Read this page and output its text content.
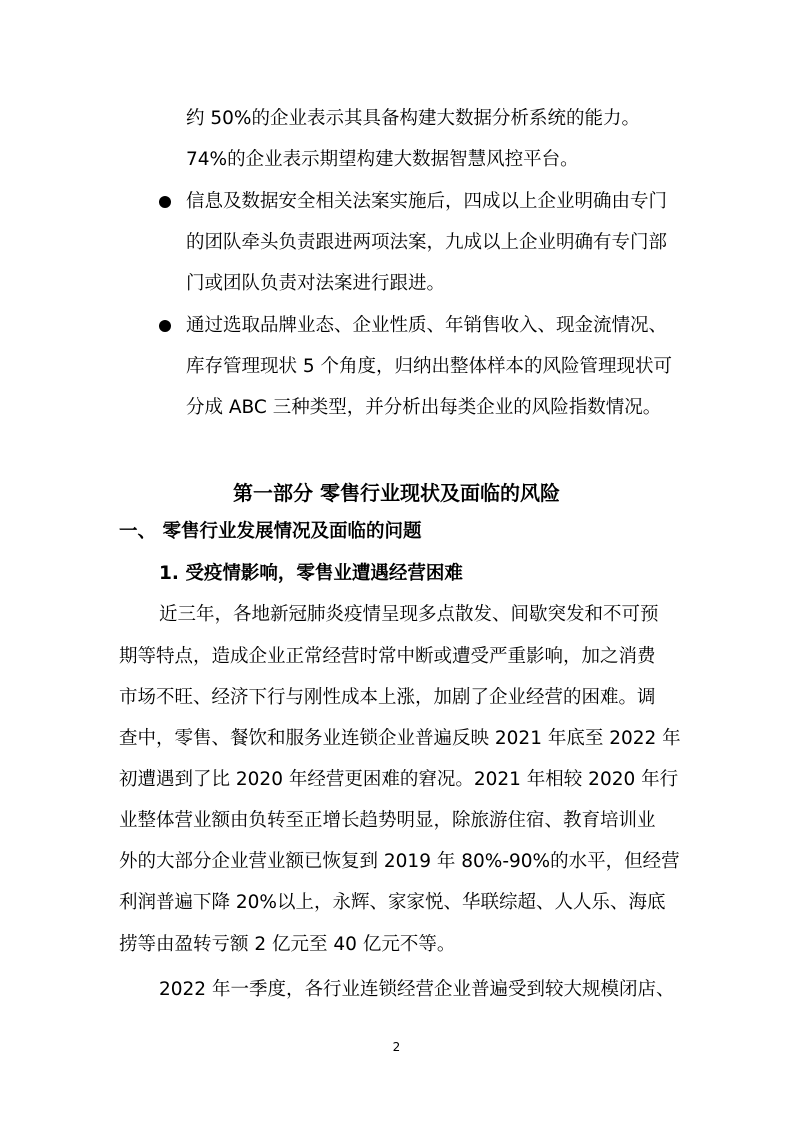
约 50%的企业表示其具备构建大数据分析系统的能力。
74%的企业表示期望构建大数据智慧风控平台。
信息及数据安全相关法案实施后，四成以上企业明确由专门
的团队牵头负责跟进两项法案，九成以上企业明确有专门部
门或团队负责对法案进行跟进。
通过选取品牌业态、企业性质、年销售收入、现金流情况、
库存管理现状 5 个角度，归纳出整体样本的风险管理现状可
分成 ABC 三种类型，并分析出每类企业的风险指数情况。
第一部分 零售行业现状及面临的风险
一、 零售行业发展情况及面临的问题
1. 受疫情影响，零售业遭遇经营困难
近三年，各地新冠肺炎疫情呈现多点散发、间歇突发和不可预
期等特点，造成企业正常经营时常中断或遭受严重影响，加之消费
市场不旺、经济下行与刚性成本上涨，加剧了企业经营的困难。调
查中，零售、餐饮和服务业连锁企业普遍反映 2021 年底至 2022 年
初遭遇到了比 2020 年经营更困难的窘况。2021 年相较 2020 年行
业整体营业额由负转至正增长趋势明显，除旅游住宿、教育培训业
外的大部分企业营业额已恢复到 2019 年 80%-90%的水平，但经营
利润普遍下降 20%以上，永辉、家家悦、华联综超、人人乐、海底
捞等由盈转亏额 2 亿元至 40 亿元不等。
2022 年一季度，各行业连锁经营企业普遍受到较大规模闭店、
2
